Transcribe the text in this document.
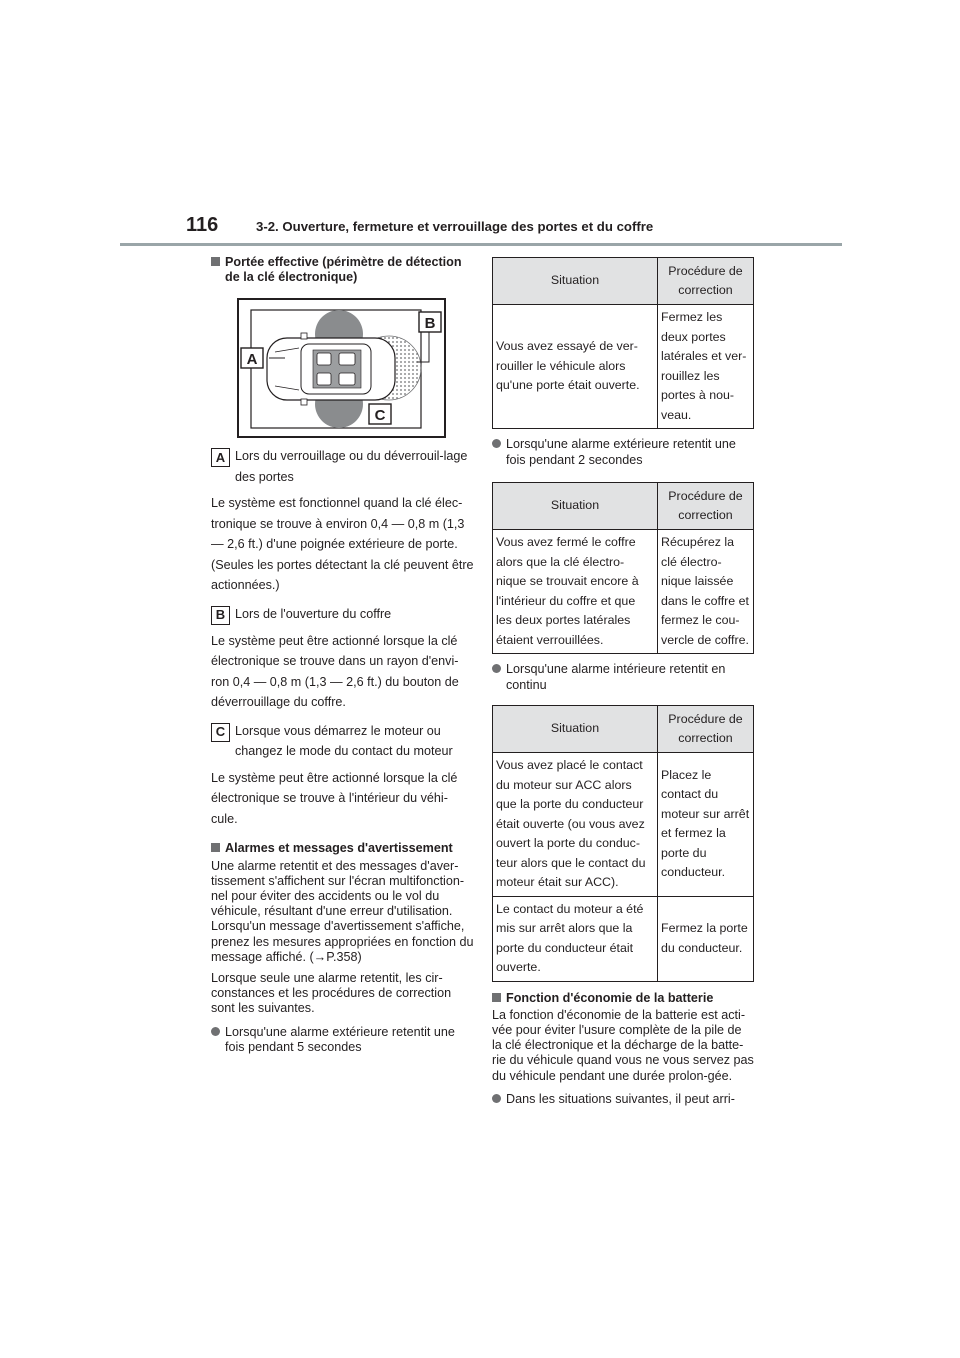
116	3-2. Ouverture, fermeture et verrouillage des portes et du coffre
Portée effective (périmètre de détection de la clé électronique)
A
B
C
A Lors du verrouillage ou du déverrouil-lage des portes

Le système est fonctionnel quand la clé élec-tronique se trouve à environ 0,4 — 0,8 m (1,3 — 2,6 ft.) d'une poignée extérieure de porte. (Seules les portes détectant la clé peuvent être actionnées.)

B Lors de l'ouverture du coffre

Le système peut être actionné lorsque la clé électronique se trouve dans un rayon d'envi-ron 0,4 — 0,8 m (1,3 — 2,6 ft.) du bouton de déverrouillage du coffre.

C Lorsque vous démarrez le moteur ou changez le mode du contact du moteur

Le système peut être actionné lorsque la clé électronique se trouve à l'intérieur du véhi-cule.

Alarmes et messages d'avertissement

Une alarme retentit et des messages d'aver-tissement s'affichent sur l'écran multifonction-nel pour éviter des accidents ou le vol du véhicule, résultant d'une erreur d'utilisation. Lorsqu'un message d'avertissement s'affiche, prenez les mesures appropriées en fonction du message affiché. (→P.358)

Lorsque seule une alarme retentit, les cir-constances et les procédures de correction sont les suivantes.

Lorsqu'une alarme extérieure retentit une fois pendant 5 secondes
Situation	Procédure de correction
Vous avez essayé de ver-rouiller le véhicule alors qu'une porte était ouverte.	Fermez les deux portes latérales et ver-rouillez les portes à nou-veau.
Lorsqu'une alarme extérieure retentit une fois pendant 2 secondes
Situation	Procédure de correction
Vous avez fermé le coffre alors que la clé électro-nique se trouvait encore à l'intérieur du coffre et que les deux portes latérales étaient verrouillées.	Récupérez la clé électro-nique laissée dans le coffre et fermez le cou-vercle de coffre.
Lorsqu'une alarme intérieure retentit en continu
Situation	Procédure de correction
Vous avez placé le contact du moteur sur ACC alors que la porte du conducteur était ouverte (ou vous avez ouvert la porte du conduc-teur alors que le contact du moteur était sur ACC).	Placez le contact du moteur sur arrêt et fermez la porte du conducteur.
Le contact du moteur a été mis sur arrêt alors que la porte du conducteur était ouverte.	Fermez la porte du conducteur.
Fonction d'économie de la batterie

La fonction d'économie de la batterie est acti-vée pour éviter l'usure complète de la pile de la clé électronique et la décharge de la batte-rie du véhicule quand vous ne vous servez pas du véhicule pendant une durée prolon-gée.

Dans les situations suivantes, il peut arri-
